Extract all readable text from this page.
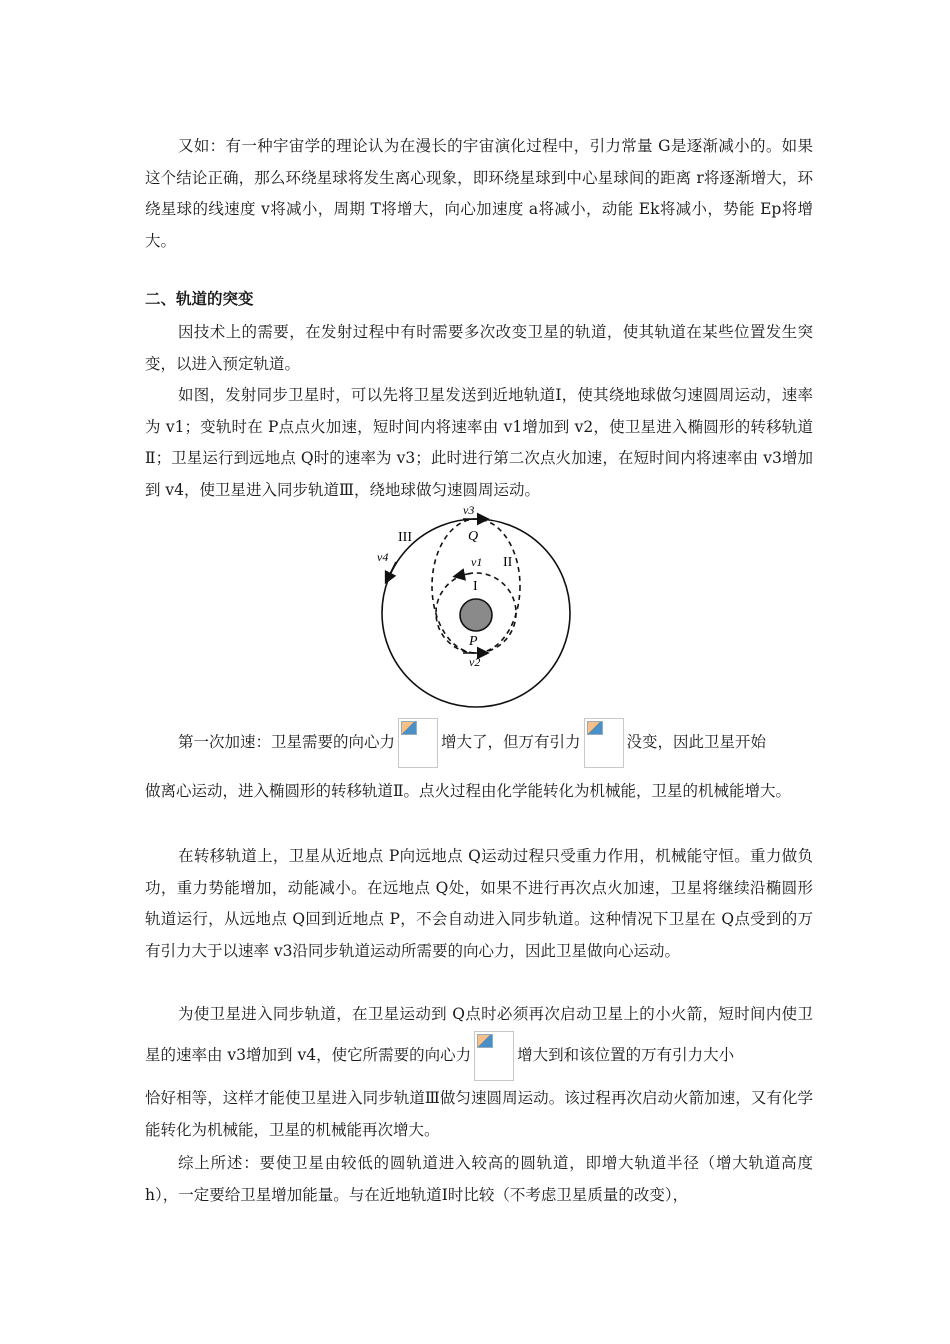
又如：有一种宇宙学的理论认为在漫长的宇宙演化过程中，引力常量 G是逐渐减小的。如果这个结论正确，那么环绕星球将发生离心现象，即环绕星球到中心星球间的距离 r将逐渐增大，环绕星球的线速度 v将减小，周期 T将增大，向心加速度 a将减小，动能 Ek将减小，势能 Ep将增大。

二、轨道的突变

因技术上的需要，在发射过程中有时需要多次改变卫星的轨道，使其轨道在某些位置发生突变，以进入预定轨道。

如图，发射同步卫星时，可以先将卫星发送到近地轨道Ⅰ，使其绕地球做匀速圆周运动，速率为 v1；变轨时在 P点点火加速，短时间内将速率由 v1增加到 v2，使卫星进入椭圆形的转移轨道Ⅱ；卫星运行到远地点 Q时的速率为 v3；此时进行第二次点火加速，在短时间内将速率由 v3增加到 v4，使卫星进入同步轨道Ⅲ，绕地球做匀速圆周运动。

III
II
I
Q
P
v3
v1
v2
v4
第一次加速：卫星需要的向心力	增大了，但万有引力	没变，因此卫星开始

做离心运动，进入椭圆形的转移轨道Ⅱ。点火过程由化学能转化为机械能，卫星的机械能增大。

在转移轨道上，卫星从近地点 P向远地点 Q运动过程只受重力作用，机械能守恒。重力做负功，重力势能增加，动能减小。在远地点 Q处，如果不进行再次点火加速，卫星将继续沿椭圆形轨道运行，从远地点 Q回到近地点 P，不会自动进入同步轨道。这种情况下卫星在 Q点受到的万有引力大于以速率 v3沿同步轨道运动所需要的向心力，因此卫星做向心运动。

为使卫星进入同步轨道，在卫星运动到 Q点时必须再次启动卫星上的小火箭，短时间内使卫星的速率由 v3增加到 v4，使它所需要的向心力	增大到和该位置的万有引力大小

恰好相等，这样才能使卫星进入同步轨道Ⅲ做匀速圆周运动。该过程再次启动火箭加速，又有化学能转化为机械能，卫星的机械能再次增大。

综上所述：要使卫星由较低的圆轨道进入较高的圆轨道，即增大轨道半径（增大轨道高度 h），一定要给卫星增加能量。与在近地轨道Ⅰ时比较（不考虑卫星质量的改变），
